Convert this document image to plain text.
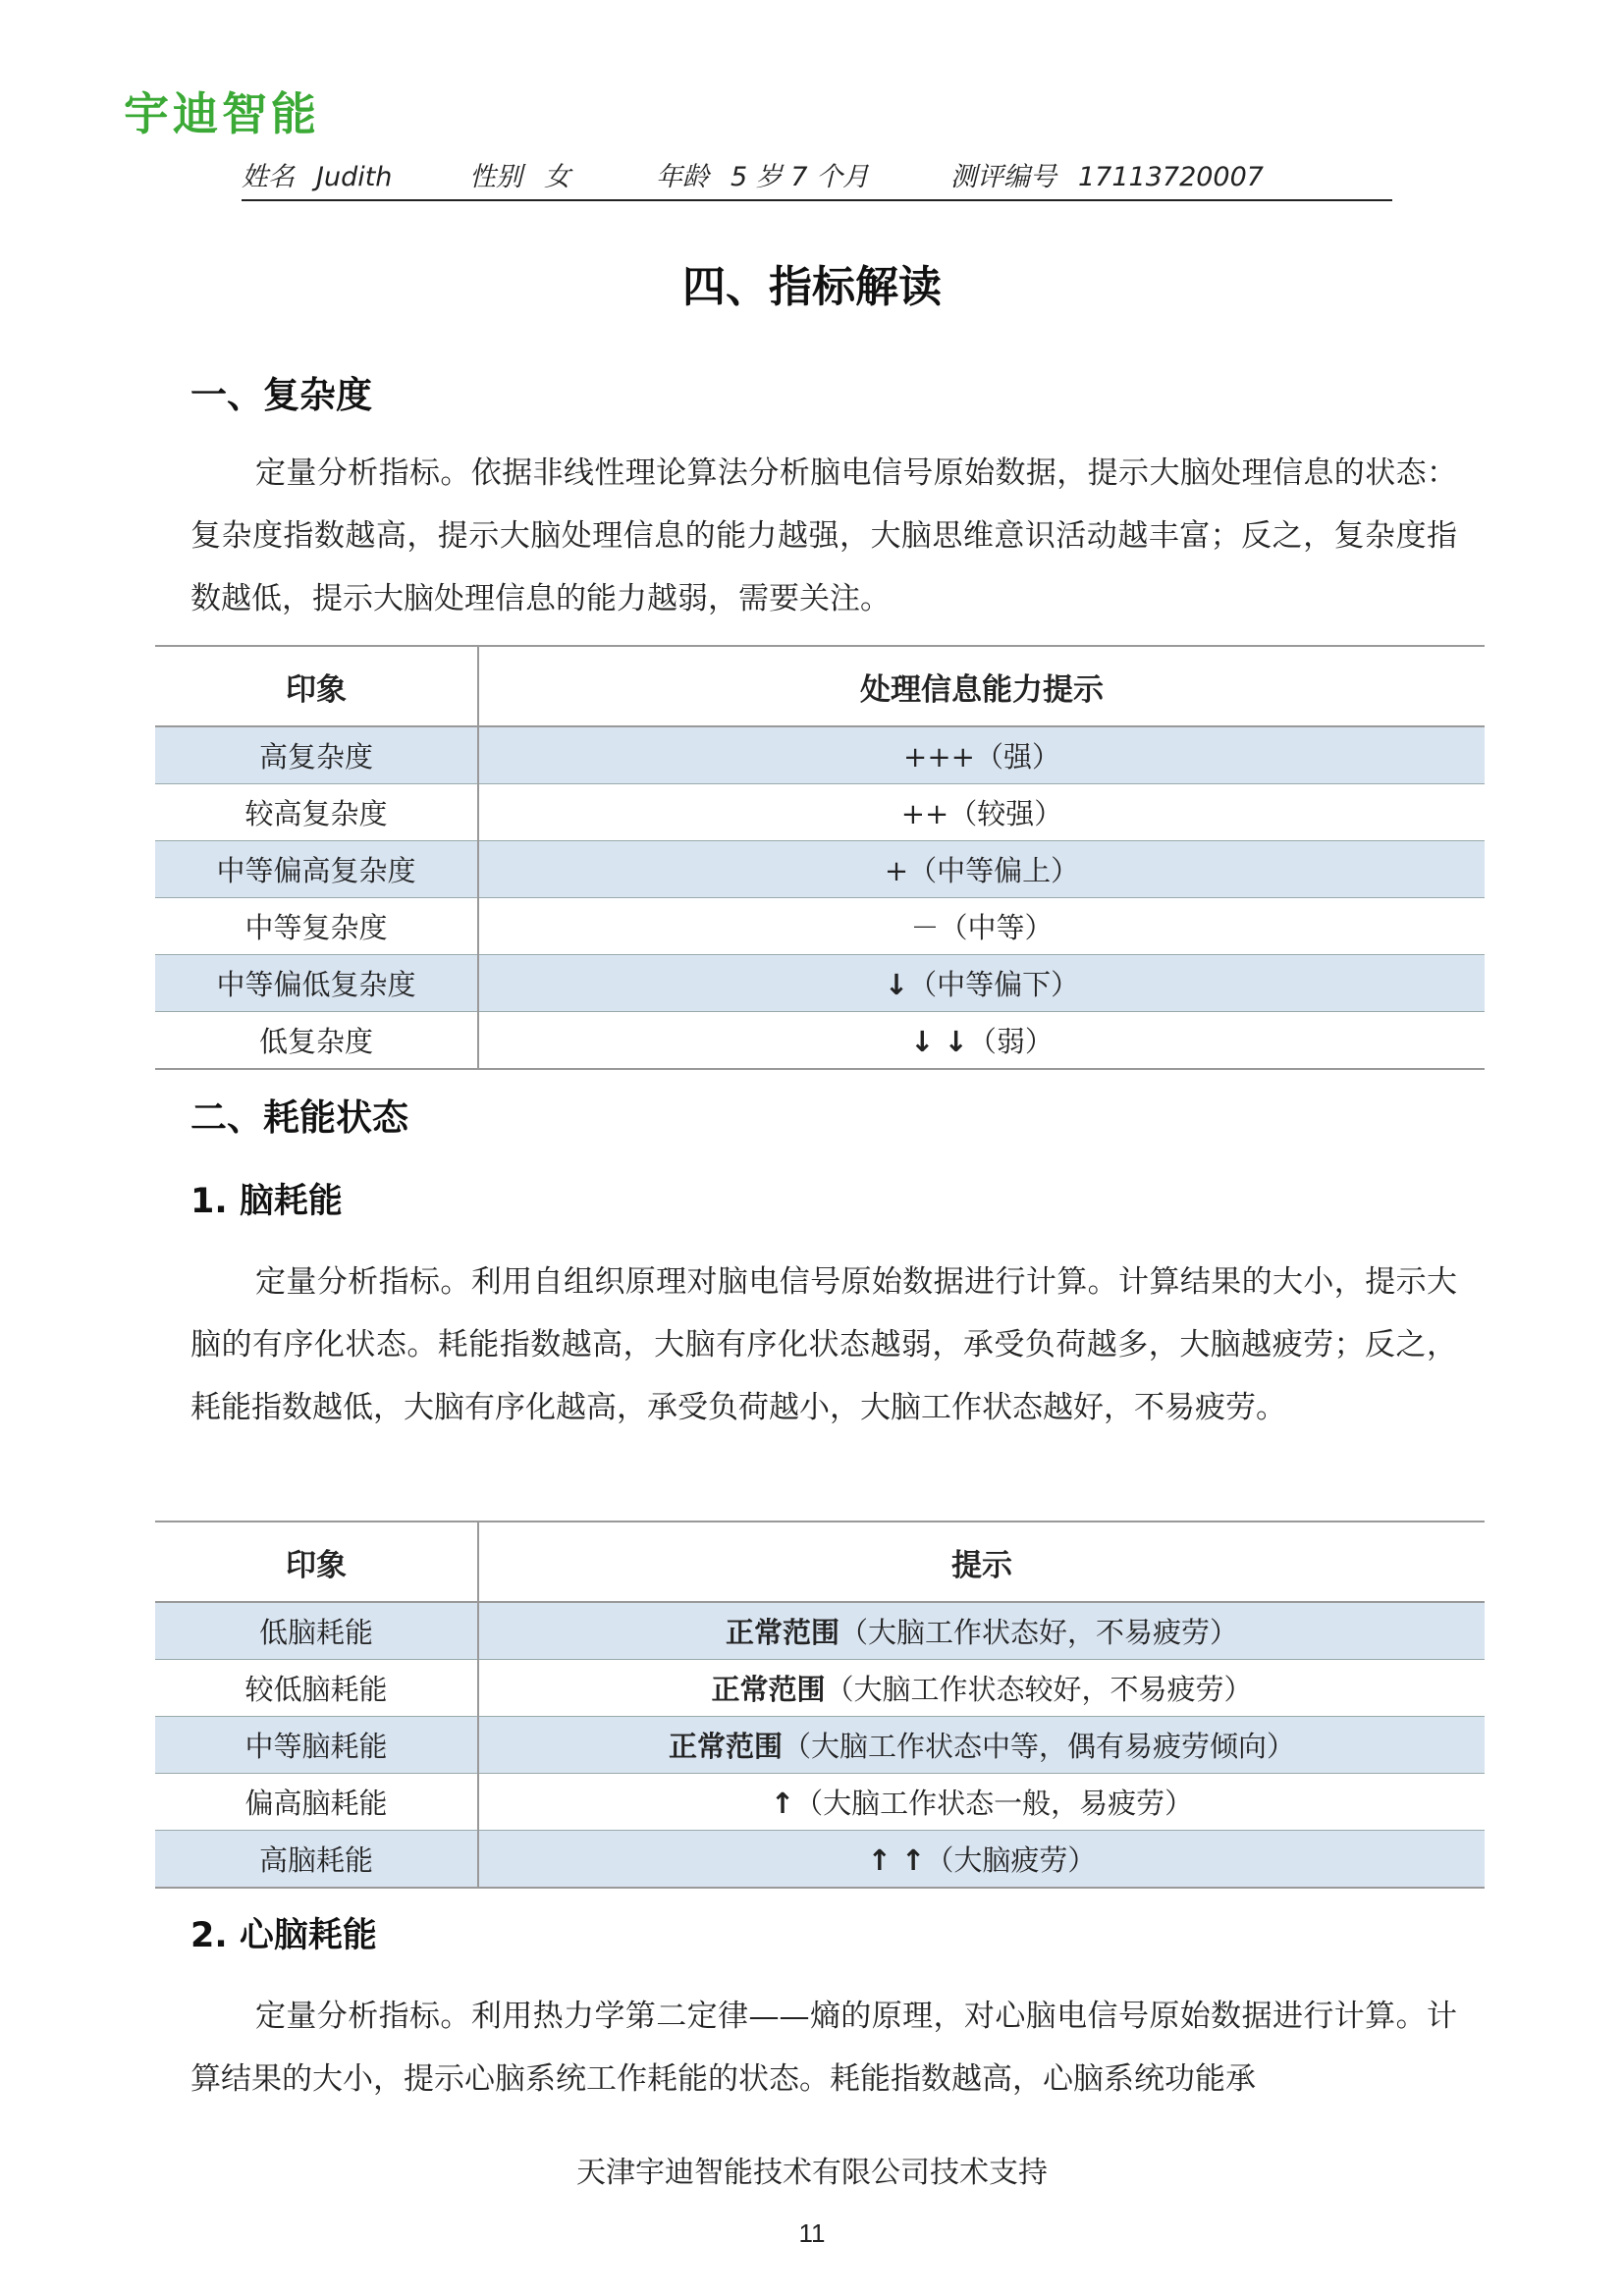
宇迪智能
姓名 Judith	性别 女	年龄 5 岁 7 个月	测评编号 17113720007
四、指标解读
一、复杂度
定量分析指标。依据非线性理论算法分析脑电信号原始数据，提示大脑处理信息的状态：复杂度指数越高，提示大脑处理信息的能力越强，大脑思维意识活动越丰富；反之，复杂度指数越低，提示大脑处理信息的能力越弱，需要关注。
印象	处理信息能力提示
高复杂度	+++（强）
较高复杂度	++（较强）
中等偏高复杂度	+（中等偏上）
中等复杂度	－（中等）
中等偏低复杂度	↓（中等偏下）
低复杂度	↓ ↓（弱）
二、耗能状态
1. 脑耗能
定量分析指标。利用自组织原理对脑电信号原始数据进行计算。计算结果的大小，提示大脑的有序化状态。耗能指数越高，大脑有序化状态越弱，承受负荷越多，大脑越疲劳；反之，耗能指数越低，大脑有序化越高，承受负荷越小，大脑工作状态越好，不易疲劳。
印象	提示
低脑耗能	正常范围（大脑工作状态好，不易疲劳）
较低脑耗能	正常范围（大脑工作状态较好，不易疲劳）
中等脑耗能	正常范围（大脑工作状态中等，偶有易疲劳倾向）
偏高脑耗能	↑（大脑工作状态一般，易疲劳）
高脑耗能	↑ ↑（大脑疲劳）
2. 心脑耗能
定量分析指标。利用热力学第二定律——熵的原理，对心脑电信号原始数据进行计算。计算结果的大小，提示心脑系统工作耗能的状态。耗能指数越高，心脑系统功能承
天津宇迪智能技术有限公司技术支持
11
